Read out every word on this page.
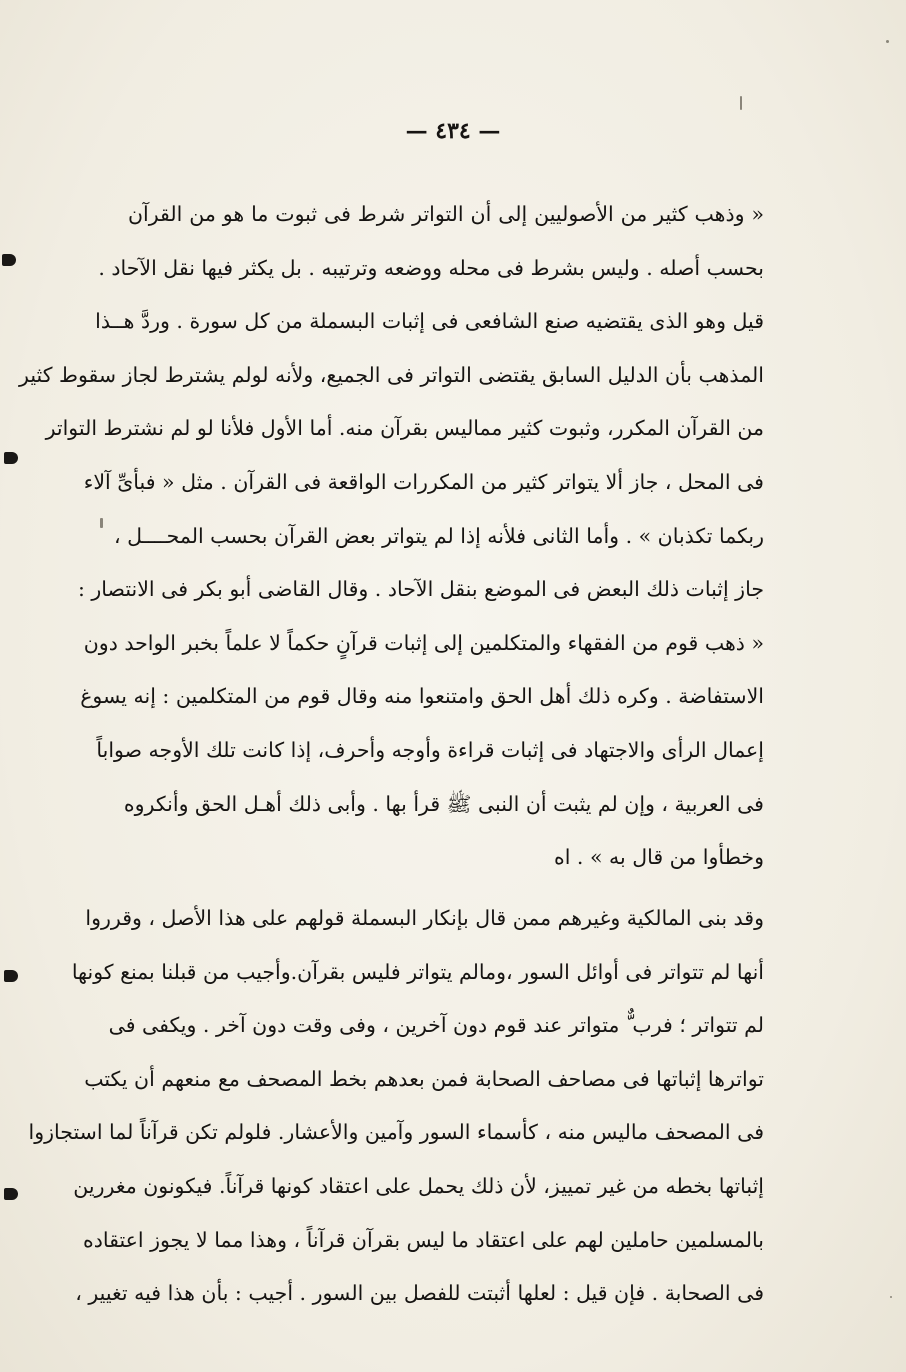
— ٤٣٤ —
« وذهب كثير من الأصوليين إلى أن التواتر شرط فى ثبوت ما هو من القرآن
بحسب أصله . وليس بشرط فى محله ووضعه وترتيبه . بل يكثر فيها نقل الآحاد .
قيل وهو الذى يقتضيه صنع الشافعى فى إثبات البسملة من كل سورة . وردَّ هــذا
المذهب بأن الدليل السابق يقتضى التواتر فى الجميع، ولأنه لولم يشترط لجاز سقوط كثير
من القرآن المكرر، وثبوت كثير مماليس بقرآن منه. أما الأول فلأنا لو لم نشترط التواتر
فى المحل ، جاز ألا يتواتر كثير من المكررات الواقعة فى القرآن . مثل « فبأىِّ آلاء
ربكما تكذبان » . وأما الثانى فلأنه إذا لم يتواتر بعض القرآن بحسب المحــــل ،
جاز إثبات ذلك البعض فى الموضع بنقل الآحاد . وقال القاضى أبو بكر فى الانتصار :
« ذهب قوم من الفقهاء والمتكلمين إلى إثبات قرآنٍ حكماً لا علماً بخبر الواحد دون
الاستفاضة . وكره ذلك أهل الحق وامتنعوا منه وقال قوم من المتكلمين : إنه يسوغ
إعمال الرأى والاجتهاد فى إثبات قراءة وأوجه وأحرف، إذا كانت تلك الأوجه صواباً
فى العربية ، وإن لم يثبت أن النبى ﷺ قرأ بها . وأبى ذلك أهـل الحق وأنكروه
وخطأوا من قال به » . اه
وقد بنى المالكية وغيرهم ممن قال بإنكار البسملة قولهم على هذا الأصل ، وقرروا
أنها لم تتواتر فى أوائل السور ،ومالم يتواتر فليس بقرآن.وأجيب من قبلنا بمنع كونها
لم تتواتر ؛ فرب ٌّ متواتر عند قوم دون آخرين ، وفى وقت دون آخر . ويكفى فى
تواترها إثباتها فى مصاحف الصحابة فمن بعدهم بخط المصحف مع منعهم أن يكتب
فى المصحف ماليس منه ، كأسماء السور وآمين والأعشار. فلولم تكن قرآناً لما استجازوا
إثباتها بخطه من غير تمييز، لأن ذلك يحمل على اعتقاد كونها قرآناً. فيكونون مغررين
بالمسلمين حاملين لهم على اعتقاد ما ليس بقرآن قرآناً ، وهذا مما لا يجوز اعتقاده
فى الصحابة . فإن قيل : لعلها أثبتت للفصل بين السور . أجيب : بأن هذا فيه تغيير ،
